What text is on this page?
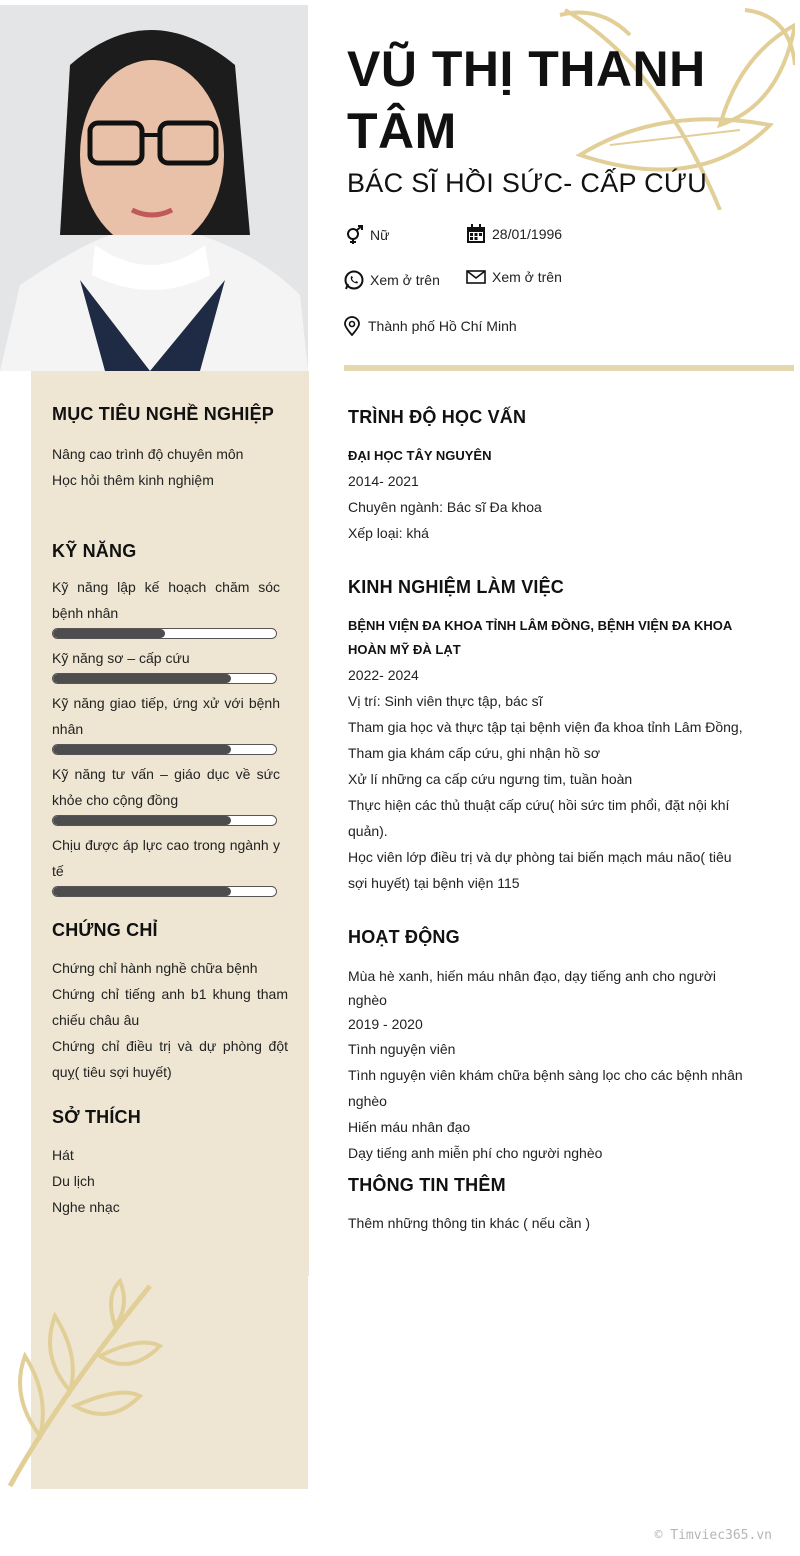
MỤC TIÊU NGHỀ NGHIỆP
Nâng cao trình độ chuyên môn
Học hỏi thêm kinh nghiệm
KỸ NĂNG
Kỹ năng lập kế hoạch chăm sóc bệnh nhân
Kỹ năng sơ – cấp cứu
Kỹ năng giao tiếp, ứng xử với bệnh nhân
Kỹ năng tư vấn – giáo dục về sức khỏe cho cộng đồng
Chịu được áp lực cao trong ngành y tế
CHỨNG CHỈ
Chứng chỉ hành nghề chữa bệnh
Chứng chỉ tiếng anh b1 khung tham chiếu châu âu
Chứng chỉ điều trị và dự phòng đột quỵ( tiêu sợi huyết)
SỞ THÍCH
Hát
Du lịch
Nghe nhạc
VŨ THỊ THANH TÂM
BÁC SĨ HỒI SỨC- CẤP CỨU
Nữ	28/01/1996
Xem ở trên	Xem ở trên
Thành phố Hồ Chí Minh
TRÌNH ĐỘ HỌC VẤN
ĐẠI HỌC TÂY NGUYÊN
2014- 2021
Chuyên ngành: Bác sĩ Đa khoa
Xếp loại: khá
KINH NGHIỆM LÀM VIỆC
BỆNH VIỆN ĐA KHOA TỈNH LÂM ĐỒNG, BỆNH VIỆN ĐA KHOA HOÀN MỸ ĐÀ LẠT
2022- 2024
Vị trí: Sinh viên thực tập, bác sĩ
Tham gia học và thực tập tại bệnh viện đa khoa tỉnh Lâm Đồng,
Tham gia khám cấp cứu, ghi nhận hồ sơ
Xử lí những ca cấp cứu ngưng tim, tuần hoàn
Thực hiện các thủ thuật cấp cứu( hồi sức tim phổi, đặt nội khí quản).
Học viên lớp điều trị và dự phòng tai biến mạch máu não( tiêu sợi huyết) tại bệnh viện 115
HOẠT ĐỘNG
Mùa hè xanh, hiến máu nhân đạo, dạy tiếng anh cho người nghèo
2019 - 2020
Tình nguyện viên
Tình nguyện viên khám chữa bệnh sàng lọc cho các bệnh nhân nghèo
Hiến máu nhân đạo
Dạy tiếng anh miễn phí cho người nghèo
THÔNG TIN THÊM
Thêm những thông tin khác ( nếu cần )
© Timviec365.vn
